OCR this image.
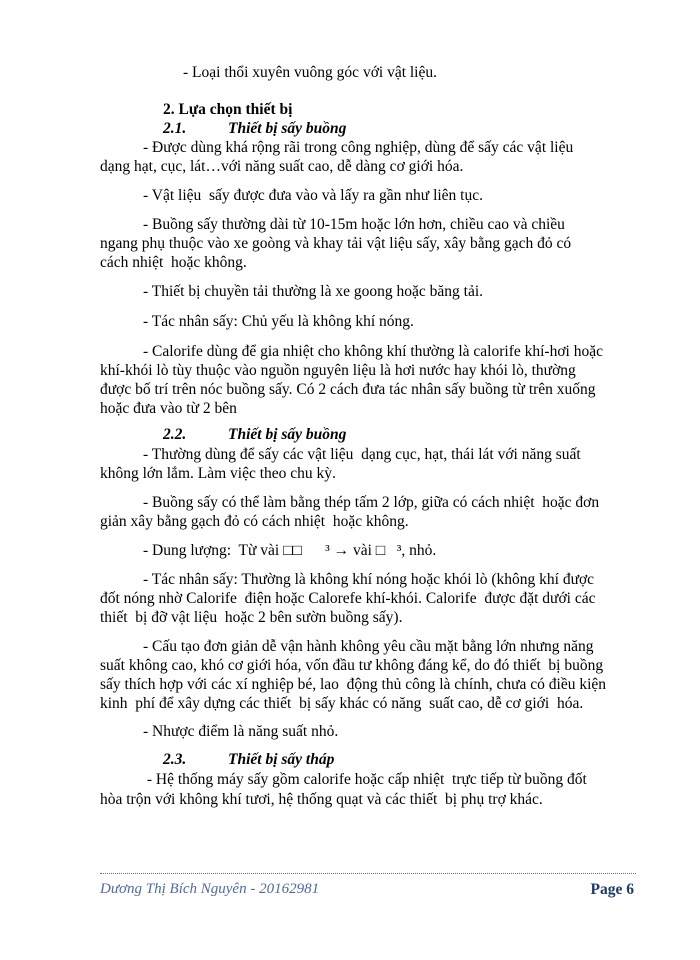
- Loại thổi xuyên vuông góc với vật liệu.
2. Lựa chọn thiết bị
2.1.	Thiết bị sấy buồng
- Được dùng khá rộng rãi trong công nghiệp, dùng để sấy các vật liệu
dạng hạt, cục, lát…với năng suất cao, dễ dàng cơ giới hóa.
- Vật liệu  sấy được đưa vào và lấy ra gần như liên tục.
- Buồng sấy thường dài từ 10-15m hoặc lớn hơn, chiều cao và chiều
ngang phụ thuộc vào xe goòng và khay tải vật liệu sấy, xây bằng gạch đỏ có
cách nhiệt  hoặc không.
- Thiết bị chuyền tải thường là xe goong hoặc băng tải.
- Tác nhân sấy: Chủ yếu là không khí nóng.
- Calorife dùng để gia nhiệt cho không khí thường là calorife khí-hơi hoặc
khí-khói lò tùy thuộc vào nguồn nguyên liệu là hơi nước hay khói lò, thường
được bố trí trên nóc buồng sấy. Có 2 cách đưa tác nhân sấy buồng từ trên xuống
hoặc đưa vào từ 2 bên
2.2.	Thiết bị sấy buồng
- Thường dùng để sấy các vật liệu  dạng cục, hạt, thái lát với năng suất
không lớn lắm. Làm việc theo chu kỳ.
- Buồng sấy có thể làm bằng thép tấm 2 lớp, giữa có cách nhiệt  hoặc đơn
giản xây bằng gạch đỏ có cách nhiệt  hoặc không.
- Dung lượng:  Từ vài □□      ³ → vài □   ³, nhỏ.
- Tác nhân sấy: Thường là không khí nóng hoặc khói lò (không khí được
đốt nóng nhờ Calorife  điện hoặc Calorefe khí-khói. Calorife  được đặt dưới các
thiết  bị đỡ vật liệu  hoặc 2 bên sườn buồng sấy).
- Cấu tạo đơn giản dễ vận hành không yêu cầu mặt bằng lớn nhưng năng
suất không cao, khó cơ giới hóa, vốn đầu tư không đáng kể, do đó thiết  bị buồng
sấy thích hợp với các xí nghiệp bé, lao  động thủ công là chính, chưa có điều kiện
kinh  phí để xây dựng các thiết  bị sấy khác có năng  suất cao, dễ cơ giới  hóa.
- Nhược điểm là năng suất nhỏ.
2.3.	Thiết bị sấy tháp
- Hệ thống máy sấy gồm calorife hoặc cấp nhiệt  trực tiếp từ buồng đốt
hòa trộn với không khí tươi, hệ thống quạt và các thiết  bị phụ trợ khác.
Dương Thị Bích Nguyên - 20162981	Page 6
